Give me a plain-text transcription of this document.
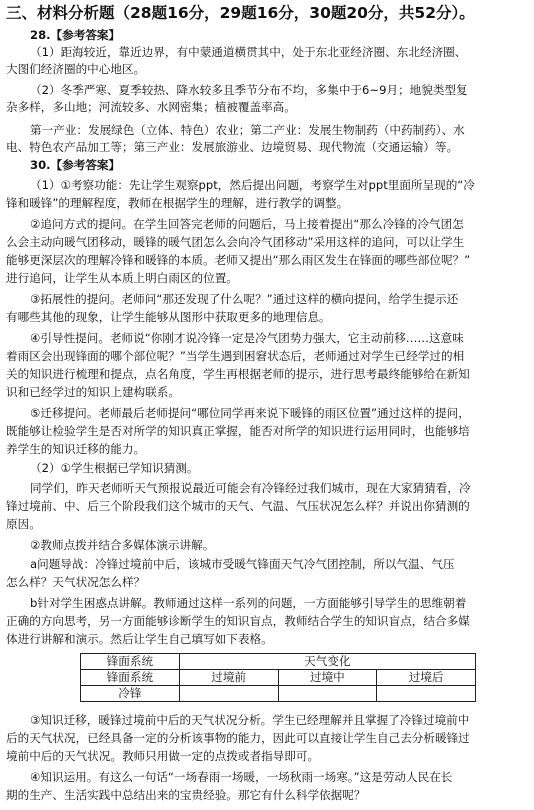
三、材料分析题（28题16分，29题16分，30题20分，共52分）。
28.【参考答案】
（1）距海较近，靠近边界，有中蒙通道横贯其中，处于东北亚经济圈、东北经济圈、
大图们经济圈的中心地区。
（2）冬季严寒、夏季较热、降水较多且季节分布不均，多集中于6~9月；地貌类型复
杂多样，多山地；河流较多、水网密集；植被覆盖率高。
第一产业：发展绿色（立体、特色）农业；第二产业：发展生物制药（中药制药）、水
电、特色农产品加工等；第三产业：发展旅游业、边境贸易、现代物流（交通运输）等。
30.【参考答案】
（1）①考察功能：先让学生观察ppt，然后提出问题，考察学生对ppt里面所呈现的“冷
锋和暖锋”的理解程度，教师在根据学生的理解，进行教学的调整。
②追问方式的提问。在学生回答完老师的问题后，马上接着提出“那么冷锋的冷气团怎
么会主动向暖气团移动，暖锋的暖气团怎么会向冷气团移动”采用这样的追问，可以让学生
能够更深层次的理解冷锋和暖锋的本质。老师又提出“那么雨区发生在锋面的哪些部位呢？”
进行追问，让学生从本质上明白雨区的位置。
③拓展性的提问。老师问“那还发现了什么呢？”通过这样的横向提问，给学生提示还
有哪些其他的现象，让学生能够从图形中获取更多的地理信息。
④引导性提问。老师说“你刚才说冷锋一定是冷气团势力强大，它主动前移……这意味
着雨区会出现锋面的哪个部位呢？”当学生遇到困窘状态后，老师通过对学生已经学过的相
关的知识进行梳理和提点，点名角度，学生再根据老师的提示，进行思考最终能够给在新知
识和已经学过的知识上建构联系。
⑤迁移提问。老师最后老师提问“哪位同学再来说下暖锋的雨区位置”通过这样的提问，
既能够让检验学生是否对所学的知识真正掌握，能否对所学的知识进行运用同时，也能够培
养学生的知识迁移的能力。
（2）①学生根据已学知识猜测。
同学们，昨天老师听天气预报说最近可能会有冷锋经过我们城市，现在大家猜猜看，冷
锋过境前、中、后三个阶段我们这个城市的天气、气温、气压状况怎么样？并说出你猜测的
原因。
②教师点拨并结合多媒体演示讲解。
a问题导战：冷锋过境前中后，该城市受暖气锋面天气冷气团控制，所以气温、气压
怎么样？天气状况怎么样？
b针对学生困惑点讲解。教师通过这样一系列的问题，一方面能够引导学生的思维朝着
正确的方向思考，另一方面能够诊断学生的知识盲点，教师结合学生的知识盲点，结合多媒
体进行讲解和演示。然后让学生自己填写如下表格。
锋面系统	天气变化		
锋面系统	过境前	过境中	过境后
冷锋			
③知识迁移，暖锋过境前中后的天气状况分析。学生已经理解并且掌握了冷锋过境前中
后的天气状况，已经具备一定的分析该事物的能力，因此可以直接让学生自己去分析暖锋过
境前中后的天气状况。教师只用做一定的点拨或者指导即可。
④知识运用。有这么一句话“一场春雨一场暖，一场秋雨一场寒。”这是劳动人民在长
期的生产、生活实践中总结出来的宝贵经验。那它有什么科学依据呢？
